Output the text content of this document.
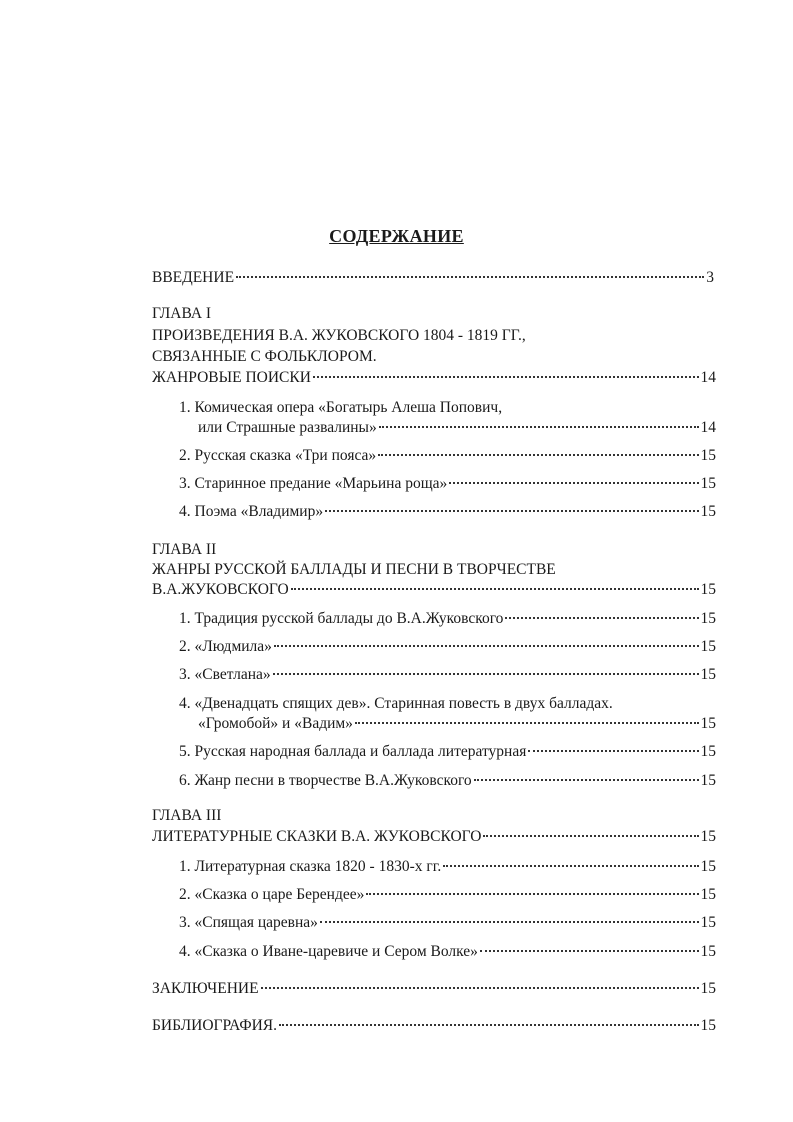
СОДЕРЖАНИЕ
ВВЕДЕНИЕ	3
ГЛАВА I
ПРОИЗВЕДЕНИЯ В.А. ЖУКОВСКОГО 1804 - 1819 ГГ.,
СВЯЗАННЫЕ С ФОЛЬКЛОРОМ.
ЖАНРОВЫЕ ПОИСКИ	14
1. Комическая опера «Богатырь Алеша Попович,
или Страшные развалины»	14
2. Русская сказка «Три пояса»	15
3. Старинное предание «Марьина роща»	15
4. Поэма «Владимир»	15
ГЛАВА II
ЖАНРЫ РУССКОЙ БАЛЛАДЫ И ПЕСНИ В ТВОРЧЕСТВЕ
В.А.ЖУКОВСКОГО	15
1. Традиция русской баллады до В.А.Жуковского	15
2. «Людмила»	15
3. «Светлана»	15
4. «Двенадцать спящих дев». Старинная повесть в двух балладах.
«Громобой» и «Вадим»	15
5. Русская народная баллада и баллада литературная	15
6. Жанр песни в творчестве В.А.Жуковского	15
ГЛАВА III
ЛИТЕРАТУРНЫЕ СКАЗКИ В.А. ЖУКОВСКОГО	15
1. Литературная сказка 1820 - 1830-х гг.	15
2. «Сказка о царе Берендее»	15
3. «Спящая царевна»	15
4. «Сказка о Иване-царевиче и Сером Волке»	15
ЗАКЛЮЧЕНИЕ	15
БИБЛИОГРАФИЯ.	15
